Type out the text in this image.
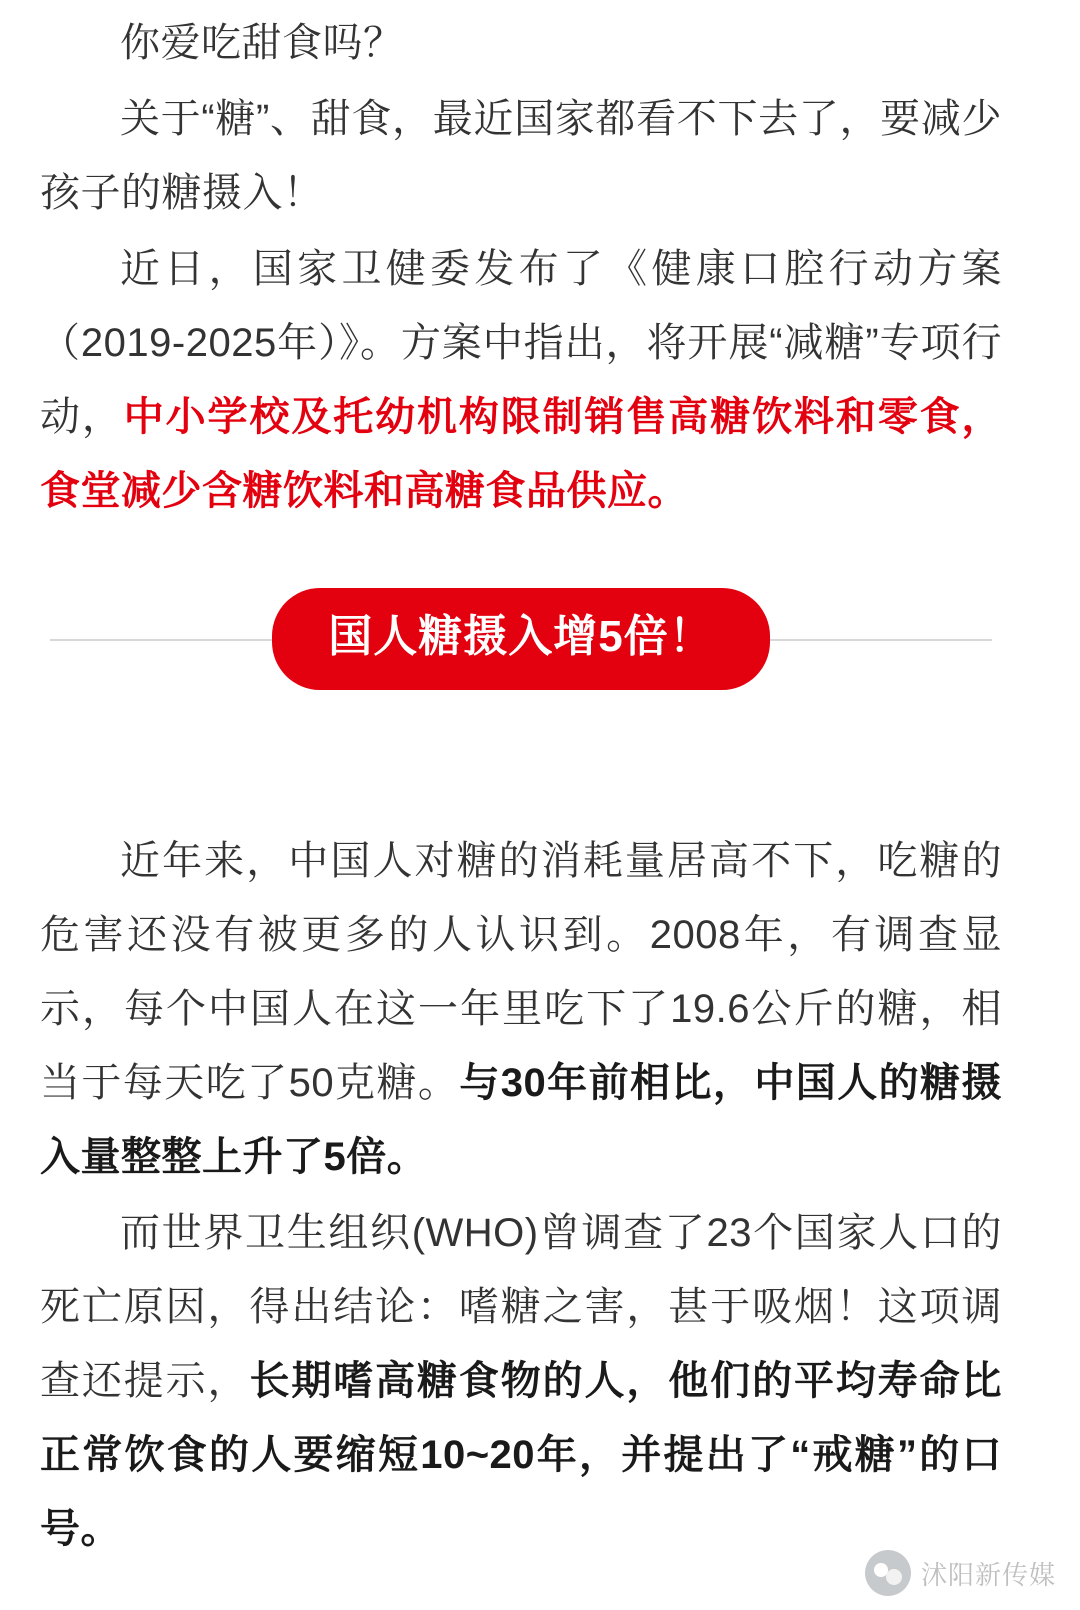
你爱吃甜食吗？

关于“糖”、甜食，最近国家都看不下去了，要减少孩子的糖摄入！

近日，国家卫健委发布了《健康口腔行动方案（2019-2025年）》。方案中指出，将开展“减糖”专项行动，中小学校及托幼机构限制销售高糖饮料和零食，食堂减少含糖饮料和高糖食品供应。

国人糖摄入增5倍！

近年来，中国人对糖的消耗量居高不下，吃糖的危害还没有被更多的人认识到。2008年，有调查显示，每个中国人在这一年里吃下了19.6公斤的糖，相当于每天吃了50克糖。与30年前相比，中国人的糖摄入量整整上升了5倍。

而世界卫生组织(WHO)曾调查了23个国家人口的死亡原因，得出结论：嗜糖之害，甚于吸烟！这项调查还提示，长期嗜高糖食物的人，他们的平均寿命比正常饮食的人要缩短10~20年，并提出了“戒糖”的口号。

沭阳新传媒
